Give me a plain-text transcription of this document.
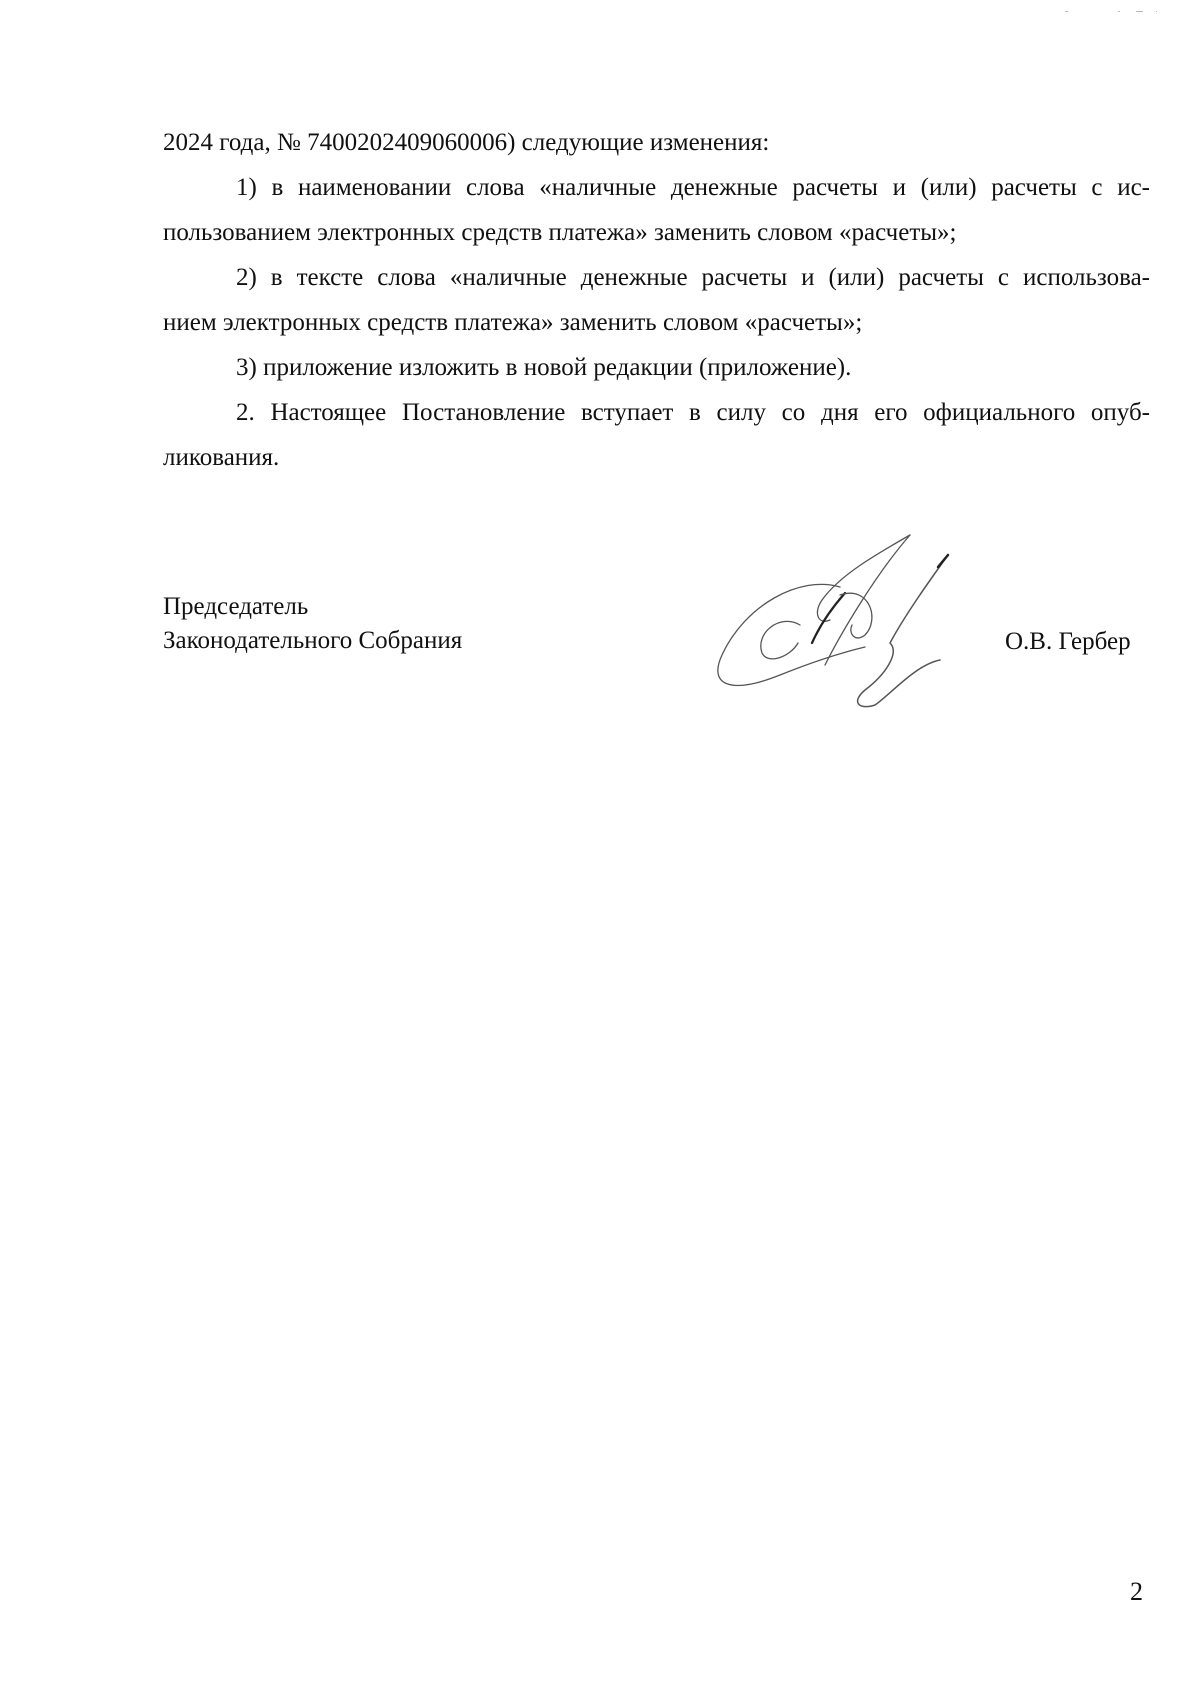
2024 года, № 7400202409060006) следующие изменения:
1) в наименовании слова «наличные денежные расчеты и (или) расчеты с ис-
пользованием электронных средств платежа» заменить словом «расчеты»;
2) в тексте слова «наличные денежные расчеты и (или) расчеты с использова-
нием электронных средств платежа» заменить словом «расчеты»;
3) приложение изложить в новой редакции (приложение).
2. Настоящее Постановление вступает в силу со дня его официального опуб-
ликования.
Председатель
Законодательного Собрания	О.В. Гербер
2
